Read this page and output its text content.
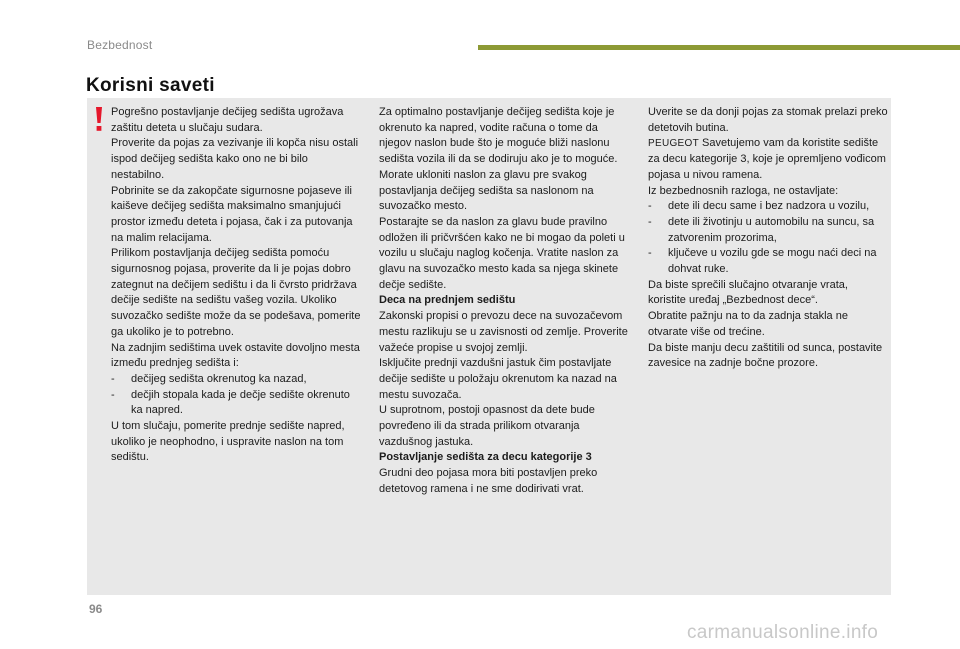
Bezbednost
Korisni saveti

Pogrešno postavljanje dečijeg sedišta ugrožava zaštitu deteta u slučaju sudara.

Proverite da pojas za vezivanje ili kopča nisu ostali ispod dečijeg sedišta kako ono ne bi bilo nestabilno.

Pobrinite se da zakopčate sigurnosne pojaseve ili kaiševe dečijeg sedišta maksimalno smanjujući prostor između deteta i pojasa, čak i za putovanja na malim relacijama.

Prilikom postavljanja dečijeg sedišta pomoću sigurnosnog pojasa, proverite da li je pojas dobro zategnut na dečijem sedištu i da li čvrsto pridržava dečije sedište na sedištu vašeg vozila. Ukoliko suvozačko sedište može da se podešava, pomerite ga ukoliko je to potrebno.

Na zadnjim sedištima uvek ostavite dovoljno mesta između prednjeg sedišta i:

- dečijeg sedišta okrenutog ka nazad,

- dečjih stopala kada je dečje sedište okrenuto ka napred.

U tom slučaju, pomerite prednje sedište napred, ukoliko je neophodno, i uspravite naslon na tom sedištu.

Za optimalno postavljanje dečijeg sedišta koje je okrenuto ka napred, vodite računa o tome da njegov naslon bude što je moguće bliži naslonu sedišta vozila ili da se dodiruju ako je to moguće.

Morate ukloniti naslon za glavu pre svakog postavljanja dečijeg sedišta sa naslonom na suvozačko mesto.

Postarajte se da naslon za glavu bude pravilno odložen ili pričvršćen kako ne bi mogao da poleti u vozilu u slučaju naglog kočenja. Vratite naslon za glavu na suvozačko mesto kada sa njega skinete dečje sedište.

Deca na prednjem sedištu

Zakonski propisi o prevozu dece na suvozačevom mestu razlikuju se u zavisnosti od zemlje. Proverite važeće propise u svojoj zemlji.

Isključite prednji vazdušni jastuk čim postavljate dečije sedište u položaju okrenutom ka nazad na mestu suvozača.

U suprotnom, postoji opasnost da dete bude povređeno ili da strada prilikom otvaranja vazdušnog jastuka.

Postavljanje sedišta za decu kategorije 3

Grudni deo pojasa mora biti postavljen preko detetovog ramena i ne sme dodirivati vrat.

Uverite se da donji pojas za stomak prelazi preko detetovih butina.

PEUGEOT Savetujemo vam da koristite sedište za decu kategorije 3, koje je opremljeno vođicom pojasa u nivou ramena.

Iz bezbednosnih razloga, ne ostavljate:

- dete ili decu same i bez nadzora u vozilu,

- dete ili životinju u automobilu na suncu, sa zatvorenim prozorima,

- ključeve u vozilu gde se mogu naći deci na dohvat ruke.

Da biste sprečili slučajno otvaranje vrata, koristite uređaj „Bezbednost dece“.

Obratite pažnju na to da zadnja stakla ne otvarate više od trećine.

Da biste manju decu zaštitili od sunca, postavite zavesice na zadnje bočne prozore.

96
carmanualsonline.info
